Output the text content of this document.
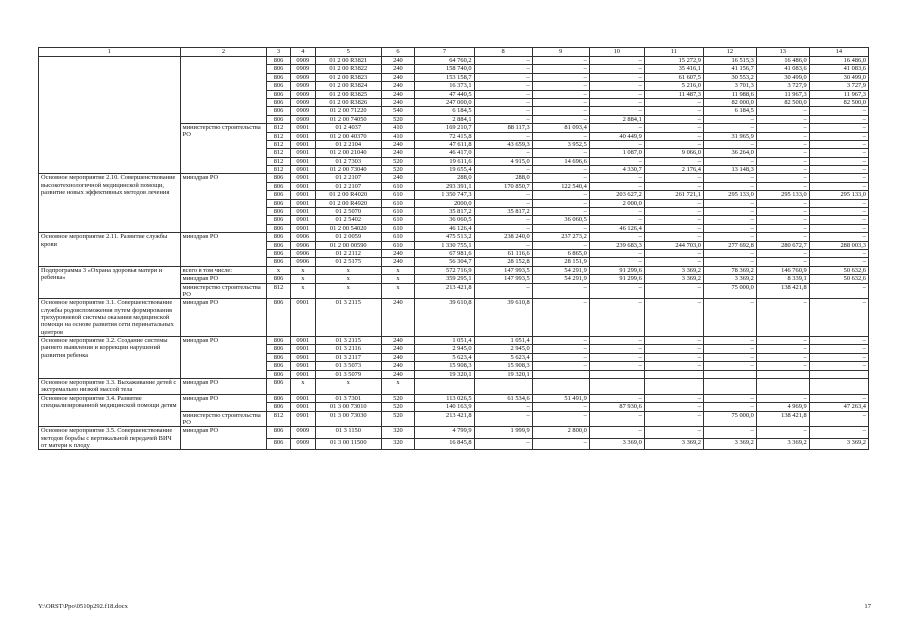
1	2	3	4	5	6	7	8	9	10	11	12	13	14
		806	0909	01 2 00 R3821	240	64 760,2	–	–	–	15 272,9	16 515,3	16 486,0	16 486,0
		806	0909	01 2 00 R3822	240	158 740,0	–	–	–	35 416,1	41 156,7	41 083,6	41 083,6
		806	0909	01 2 00 R3823	240	153 158,7	–	–	–	61 607,5	30 553,2	30 499,0	30 499,0
		806	0909	01 2 00 R3824	240	16 373,1	–	–	–	5 216,0	3 701,3	3 727,9	3 727,9
		806	0909	01 2 00 R3825	240	47 440,5	–	–	–	11 487,3	11 988,6	11 967,3	11 967,3
		806	0909	01 2 00 R3826	240	247 000,0	–	–	–	–	82 000,0	82 500,0	82 500,0
		806	0909	01 2 00 71220	540	6 184,5	–	–	–	–	6 184,5	–	–
		806	0909	01 2 00 74050	520	2 884,1	–	–	2 884,1	–	–	–	–
	министерство строительства РО	812	0901	01 2 4037	410	169 210,7	88 117,3	81 093,4	–	–	–	–	–
		812	0901	01 2 00 40370	410	72 415,8	–	–	40 449,9	–	31 965,9	–	–
		812	0901	01 2 2104	240	47 611,8	43 659,3	3 952,5	–	–	–	–	–
		812	0901	01 2 00 21040	240	46 417,0	–	–	1 087,0	9 066,0	36 264,0	–	–
		812	0901	01 2 7303	520	19 611,6	4 915,0	14 696,6	–	–	–	–	–
		812	0901	01 2 00 73040	520	19 655,4	–	–	4 330,7	2 176,4	13 148,3	–	–
Основное мероприятие 2.10. Совершенствование высокотехнологичной медицинской помощи, развитие новых эффективных методов лечения	минздрав РО	806	0901	01 2 2107	240	288,0	288,0	–	–	–	–	–	–
		806	0901	01 2 2107	610	293 391,1	170 850,7	122 540,4	–	–	–	–	–
		806	0901	01 2 00 R4020	610	1 350 747,3	–	–	203 627,2	261 721,1	295 133,0	295 133,0	295 133,0
		806	0901	01 2 00 R4920	610	2000,0	–	–	2 000,0	–	–	–	–
		806	0901	01 2 5070	610	35 817,2	35 817,2	–	–	–	–	–	–
		806	0901	01 2 5402	610	36 060,5	–	36 060,5	–	–	–	–	–
		806	0901	01 2 00 54020	610	46 126,4	–	–	46 126,4	–	–	–	–
Основное мероприятие 2.11. Развитие службы крови	минздрав РО	806	0906	01 2 0059	610	475 513,2	238 240,0	237 273,2	–	–	–	–	–
		806	0906	01 2 00 00590	610	1 330 755,1	–	–	239 683,3	244 703,0	277 692,8	280 672,7	288 003,3
		806	0906	01 2 2112	240	67 981,6	61 116,6	6 865,0	–	–	–	–	–
		806	0906	01 2 5175	240	56 304,7	28 152,8	28 151,9	–	–	–	–	–
Подпрограмма 3 «Охрана здоровья матери и ребенка»	всего в том числе:	х	х	х	х	572 716,9	147 993,5	54 291,9	91 299,6	3 369,2	78 369,2	146 760,9	50 632,6
	минздрав РО	806	х	х	х	359 295,1	147 993,5	54 291,9	91 299,6	3 369,2	3 369,2	8 339,1	50 632,6
	министерство строительства РО	812	х	х	х	213 421,8	–	–	–	–	75 000,0	138 421,8	–
Основное мероприятие 3.1. Совершенствование службы родовспоможения путем формирования трехуровневой системы оказания медицинской помощи на основе развития сети перинатальных центров	минздрав РО	806	0901	01 3 2115	240	39 610,8	39 610,8	–	–	–	–	–	–
Основное мероприятие 3.2. Создание системы раннего выявления и коррекции нарушений развития ребенка	минздрав РО	806	0901	01 3 2115	240	1 051,4	1 051,4	–	–	–	–	–	–
		806	0901	01 3 2116	240	2 945,0	2 945,0	–	–	–	–	–	–
		806	0901	01 3 2117	240	5 623,4	5 623,4	–	–	–	–	–	–
		806	0901	01 3 5073	240	15 908,3	15 908,3	–	–	–	–	–	–
		806	0901	01 3 5079	240	19 320,1	19 320,1						
Основное мероприятие 3.3. Выхаживание детей с экстремально низкой массой тела	минздрав РО	806	х	х	х								
Основное мероприятие 3.4. Развитие специализированной медицинской помощи детям	минздрав РО	806	0901	01 3 7301	520	113 026,5	61 534,6	51 491,9	–	–	–	–	–
		806	0901	01 3 00 73010	520	140 163,9	–	–	87 930,6	–	–	4 969,9	47 263,4
	министерство строительства РО	812	0901	01 3 00 73030	520	213 421,8	–	–	–	–	75 000,0	138 421,8	–
Основное мероприятие 3.5. Совершенствование методов борьбы с вертикальной передачей ВИЧ от матери к плоду	минздрав РО	806	0909	01 3 1150	320	4 799,9	1 999,9	2 800,0	–	–	–	–	–
		806	0909	01 3 00 11500	320	16 845,8	–	–	3 369,0	3 369,2	3 369,2	3 369,2	3 369,2
Y:\ORST\Ppo\0510p292.f18.docx	17
